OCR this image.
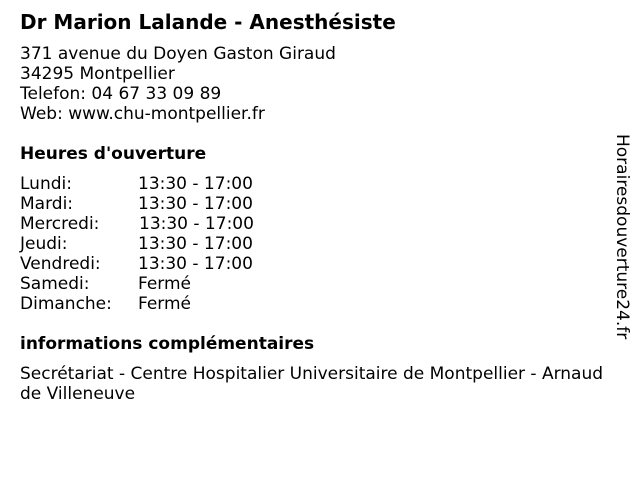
Dr Marion Lalande - Anesthésiste
371 avenue du Doyen Gaston Giraud
34295 Montpellier
Telefon: 04 67 33 09 89
Web: www.chu-montpellier.fr
Heures d'ouverture
Lundi:	13:30 - 17:00
Mardi:	13:30 - 17:00
Mercredi: 13:30 - 17:00
Jeudi:	13:30 - 17:00
Vendredi: 13:30 - 17:00
Samedi:	Fermé
Dimanche: Fermé
informations complémentaires
Secrétariat - Centre Hospitalier Universitaire de Montpellier - Arnaud de Villeneuve
Horairesdouverture24.fr
